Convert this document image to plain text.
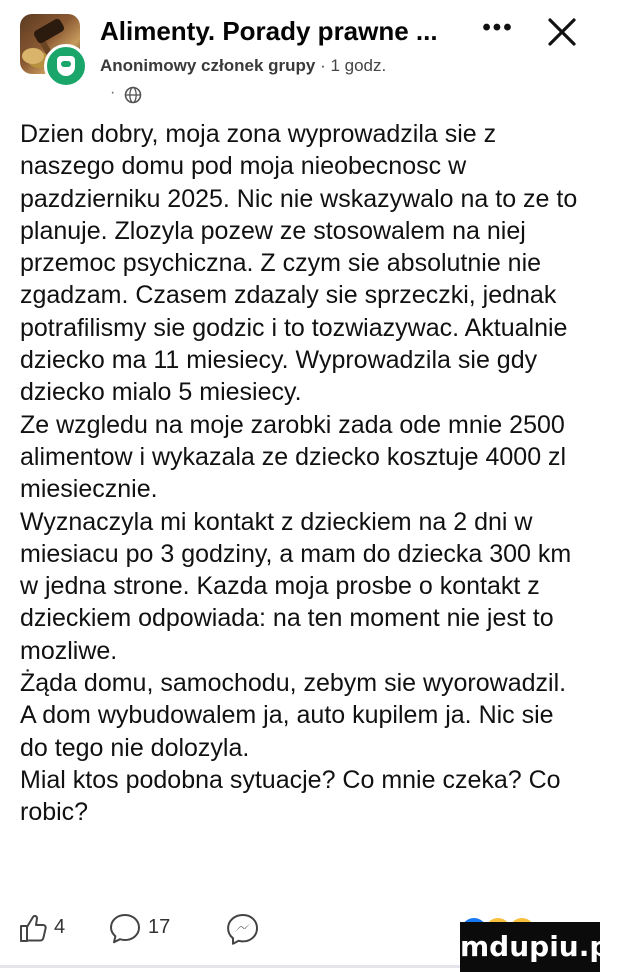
Alimenty. Porady prawne ... •••
Anonimowy członek grupy · 1 godz.
·

Dzien dobry, moja zona wyprowadzila sie z naszego domu pod moja nieobecnosc w pazdzierniku 2025. Nic nie wskazywalo na to ze to planuje. Zlozyla pozew ze stosowalem na niej przemoc psychiczna. Z czym sie absolutnie nie zgadzam. Czasem zdazaly sie sprzeczki, jednak potrafilismy sie godzic i to tozwiazywac. Aktualnie dziecko ma 11 miesiecy. Wyprowadzila sie gdy dziecko mialo 5 miesiecy.

Ze wzgledu na moje zarobki zada ode mnie 2500 alimentow i wykazala ze dziecko kosztuje 4000 zl miesiecznie.

Wyznaczyla mi kontakt z dzieckiem na 2 dni w miesiacu po 3 godziny, a mam do dziecka 300 km w jedna strone. Kazda moja prosbe o kontakt z dzieckiem odpowiada: na ten moment nie jest to mozliwe.

Żąda domu, samochodu, zebym sie wyorowadzil. A dom wybudowalem ja, auto kupilem ja. Nic sie do tego nie dolozyla.

Mial ktos podobna sytuacje? Co mnie czeka? Co robic?

4	17
mdupiu.pl
